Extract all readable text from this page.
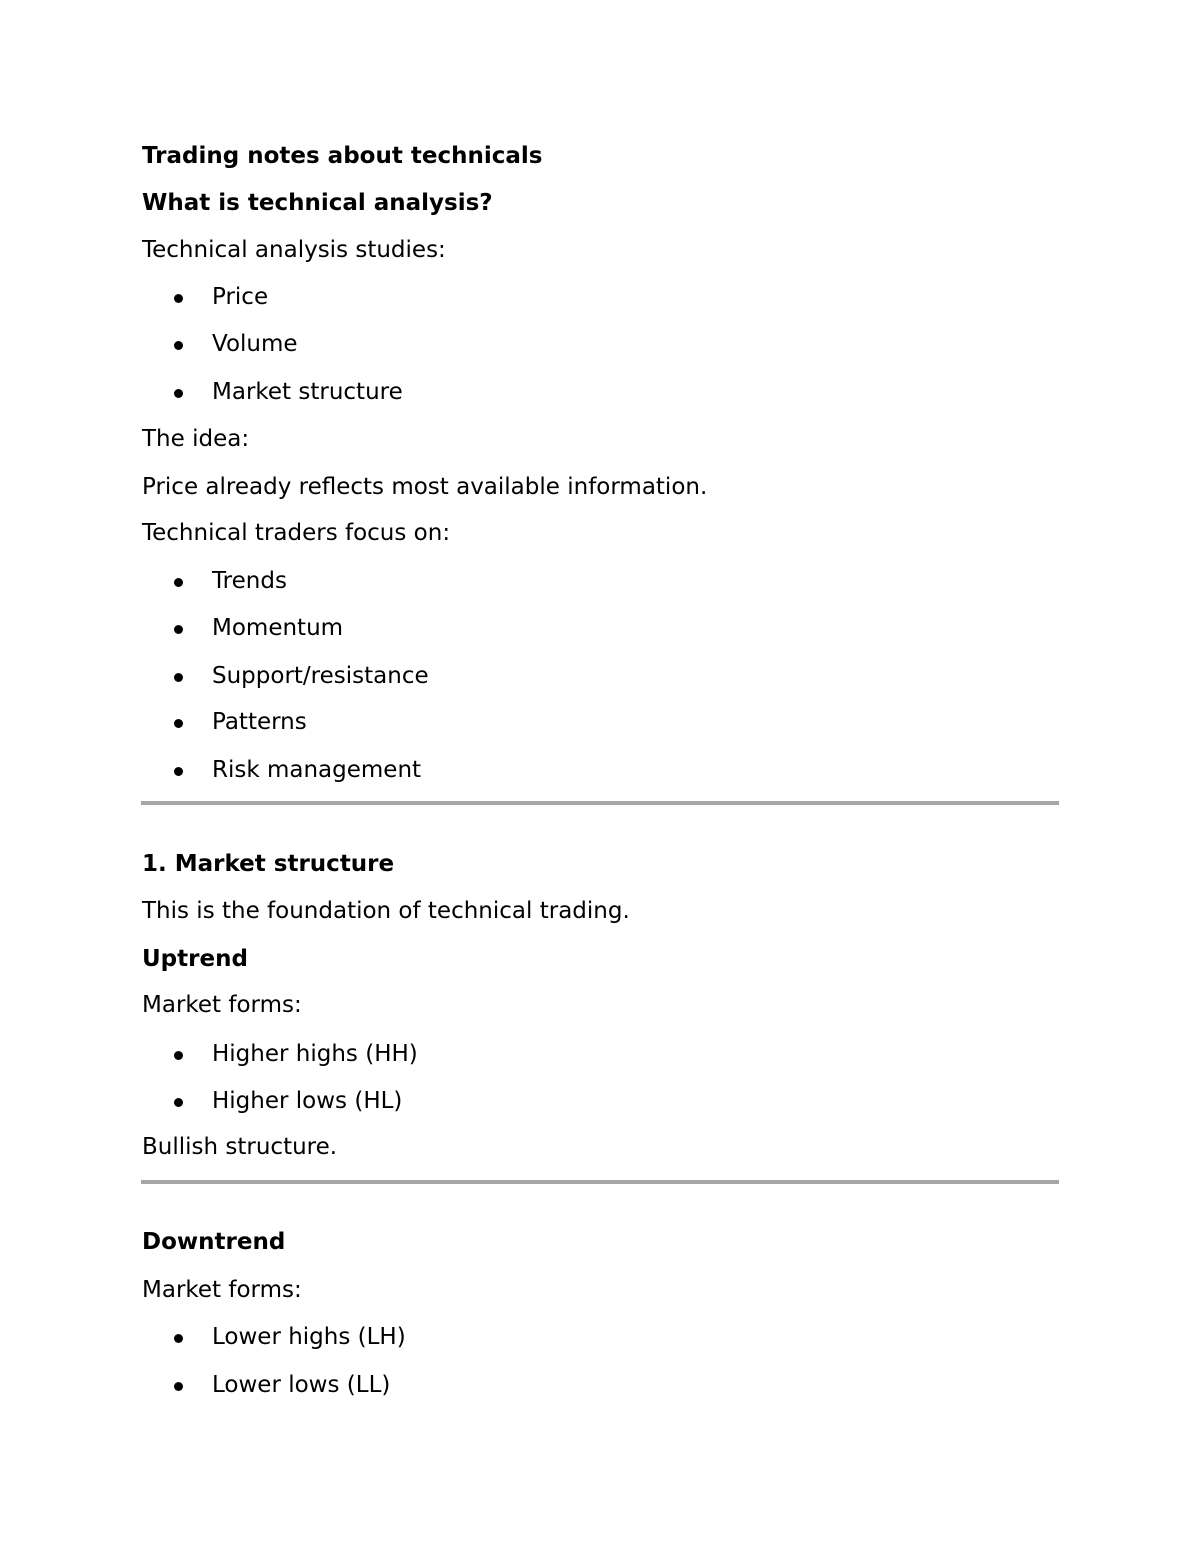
Trading notes about technicals
What is technical analysis?
Technical analysis studies:
Price
Volume
Market structure
The idea:
Price already reflects most available information.
Technical traders focus on:
Trends
Momentum
Support/resistance
Patterns
Risk management
1. Market structure
This is the foundation of technical trading.
Uptrend
Market forms:
Higher highs (HH)
Higher lows (HL)
Bullish structure.
Downtrend
Market forms:
Lower highs (LH)
Lower lows (LL)
